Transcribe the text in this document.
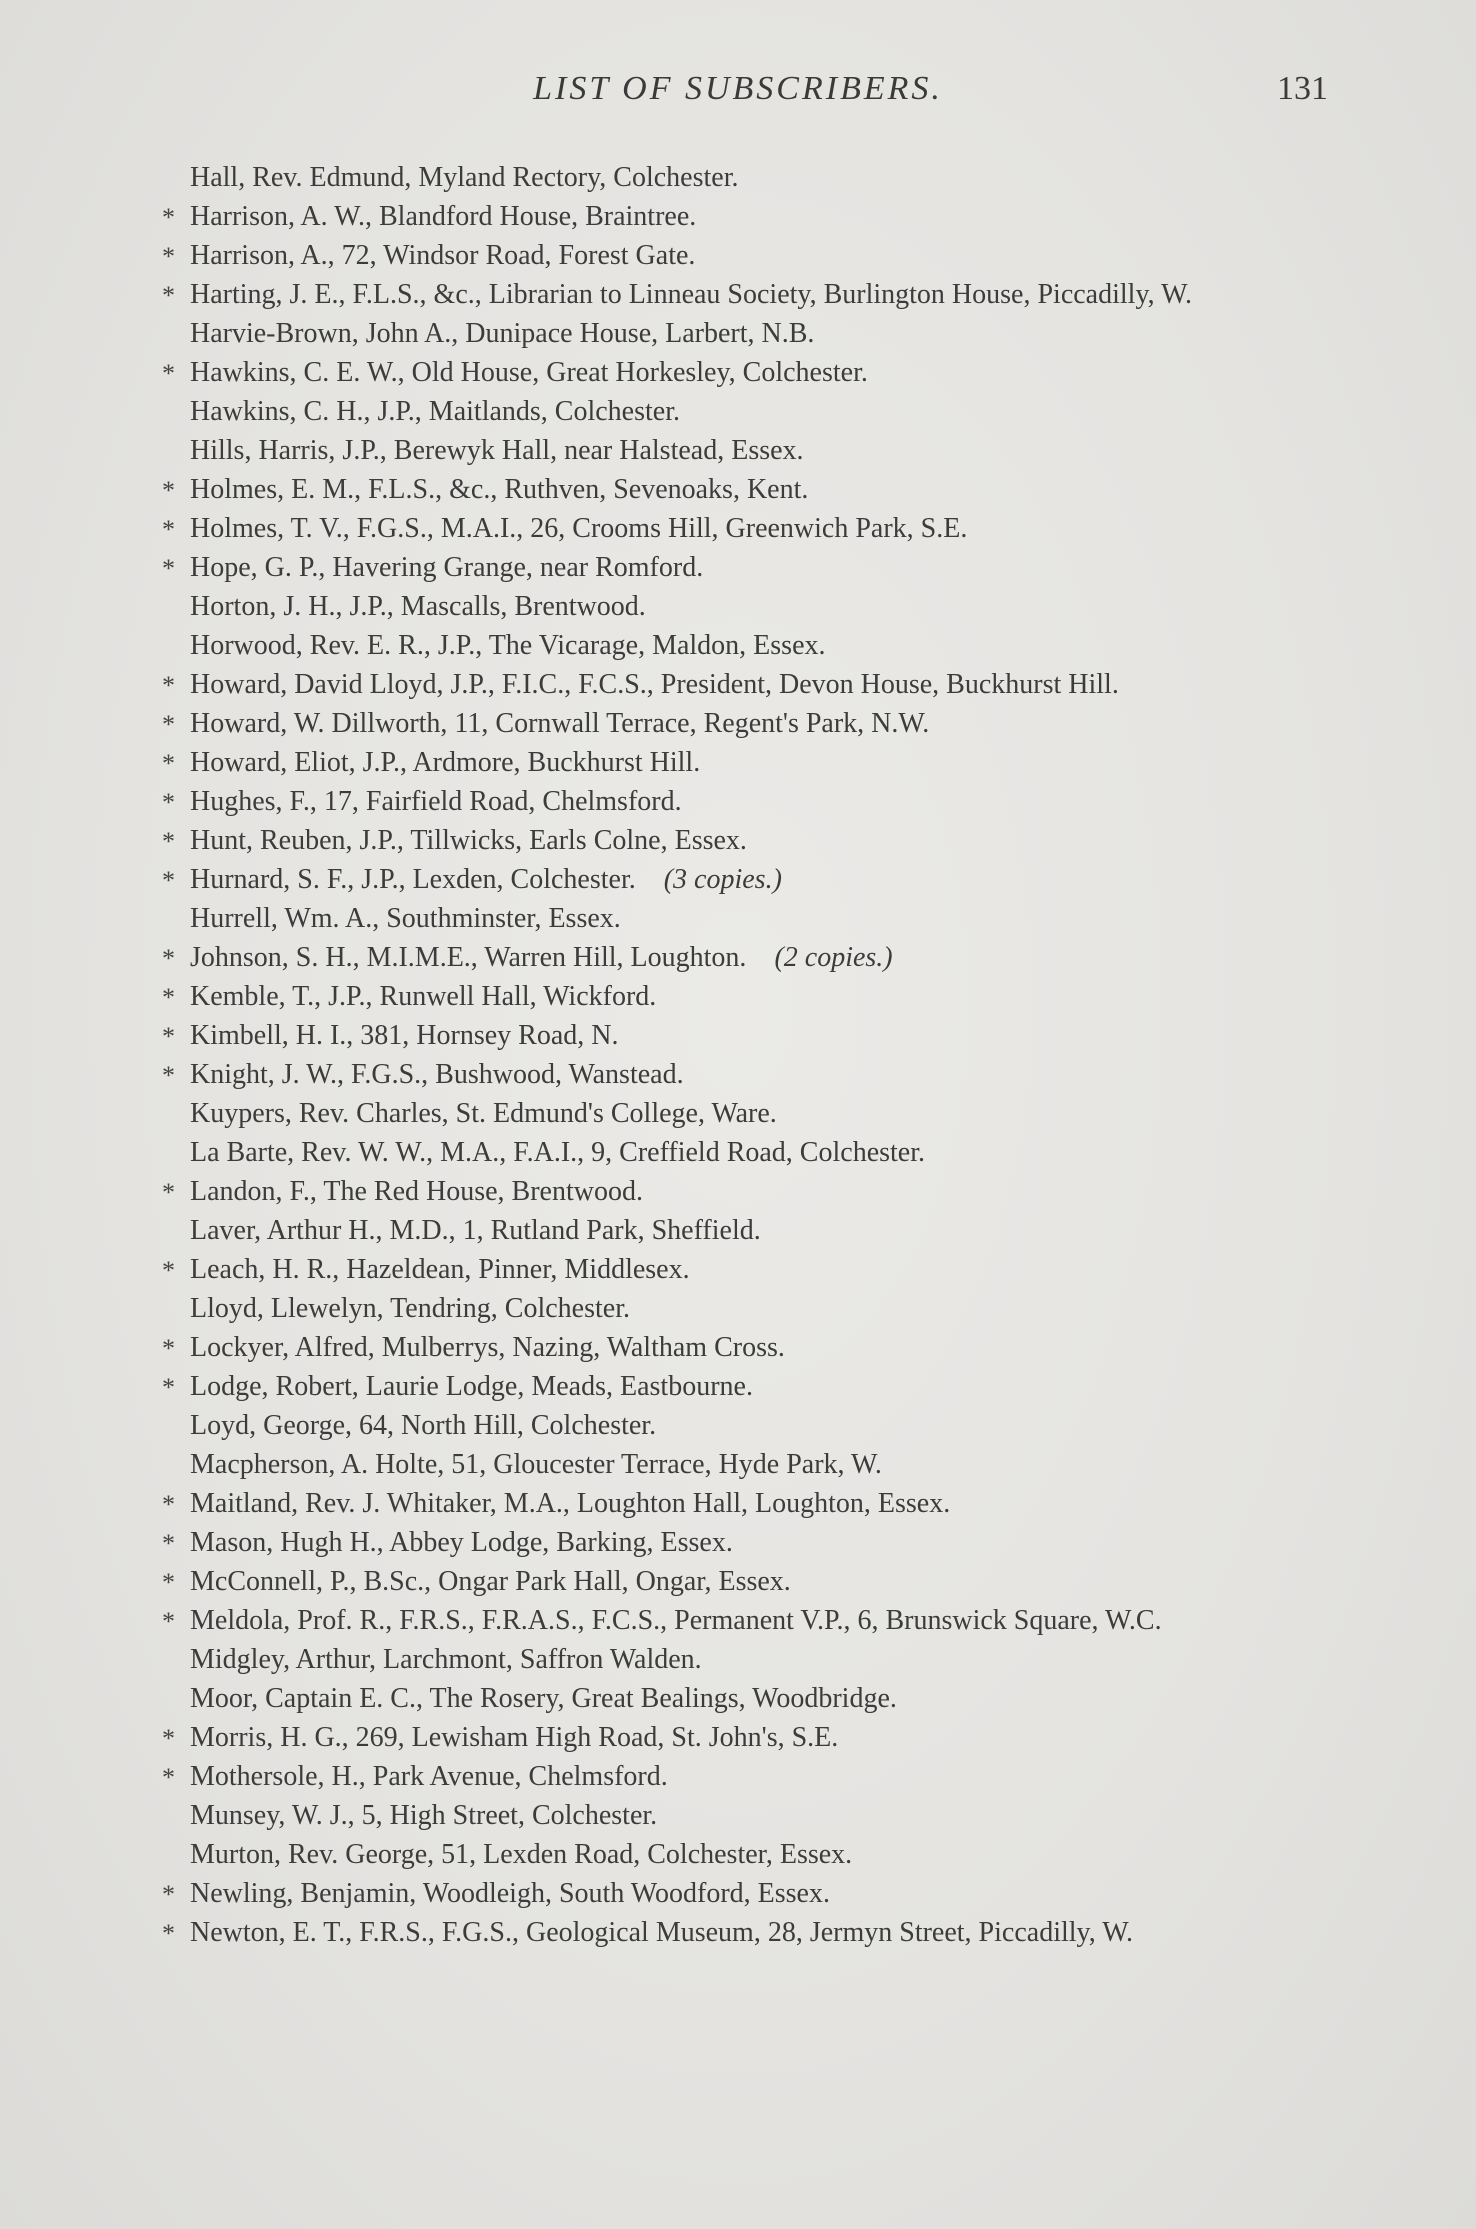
LIST OF SUBSCRIBERS.	131
Hall, Rev. Edmund, Myland Rectory, Colchester.
* Harrison, A. W., Blandford House, Braintree.
* Harrison, A., 72, Windsor Road, Forest Gate.
* Harting, J. E., F.L.S., &c., Librarian to Linneau Society, Burlington House, Piccadilly, W.
Harvie-Brown, John A., Dunipace House, Larbert, N.B.
* Hawkins, C. E. W., Old House, Great Horkesley, Colchester.
Hawkins, C. H., J.P., Maitlands, Colchester.
Hills, Harris, J.P., Berewyk Hall, near Halstead, Essex.
* Holmes, E. M., F.L.S., &c., Ruthven, Sevenoaks, Kent.
* Holmes, T. V., F.G.S., M.A.I., 26, Crooms Hill, Greenwich Park, S.E.
* Hope, G. P., Havering Grange, near Romford.
Horton, J. H., J.P., Mascalls, Brentwood.
Horwood, Rev. E. R., J.P., The Vicarage, Maldon, Essex.
* Howard, David Lloyd, J.P., F.I.C., F.C.S., President, Devon House, Buckhurst Hill.
* Howard, W. Dillworth, 11, Cornwall Terrace, Regent's Park, N.W.
* Howard, Eliot, J.P., Ardmore, Buckhurst Hill.
* Hughes, F., 17, Fairfield Road, Chelmsford.
* Hunt, Reuben, J.P., Tillwicks, Earls Colne, Essex.
* Hurnard, S. F., J.P., Lexden, Colchester. (3 copies.)
Hurrell, Wm. A., Southminster, Essex.
* Johnson, S. H., M.I.M.E., Warren Hill, Loughton. (2 copies.)
* Kemble, T., J.P., Runwell Hall, Wickford.
* Kimbell, H. I., 381, Hornsey Road, N.
* Knight, J. W., F.G.S., Bushwood, Wanstead.
Kuypers, Rev. Charles, St. Edmund's College, Ware.
La Barte, Rev. W. W., M.A., F.A.I., 9, Creffield Road, Colchester.
* Landon, F., The Red House, Brentwood.
Laver, Arthur H., M.D., 1, Rutland Park, Sheffield.
* Leach, H. R., Hazeldean, Pinner, Middlesex.
Lloyd, Llewelyn, Tendring, Colchester.
* Lockyer, Alfred, Mulberrys, Nazing, Waltham Cross.
* Lodge, Robert, Laurie Lodge, Meads, Eastbourne.
Loyd, George, 64, North Hill, Colchester.
Macpherson, A. Holte, 51, Gloucester Terrace, Hyde Park, W.
* Maitland, Rev. J. Whitaker, M.A., Loughton Hall, Loughton, Essex.
* Mason, Hugh H., Abbey Lodge, Barking, Essex.
* McConnell, P., B.Sc., Ongar Park Hall, Ongar, Essex.
* Meldola, Prof. R., F.R.S., F.R.A.S., F.C.S., Permanent V.P., 6, Brunswick Square, W.C.
Midgley, Arthur, Larchmont, Saffron Walden.
Moor, Captain E. C., The Rosery, Great Bealings, Woodbridge.
* Morris, H. G., 269, Lewisham High Road, St. John's, S.E.
* Mothersole, H., Park Avenue, Chelmsford.
Munsey, W. J., 5, High Street, Colchester.
Murton, Rev. George, 51, Lexden Road, Colchester, Essex.
* Newling, Benjamin, Woodleigh, South Woodford, Essex.
* Newton, E. T., F.R.S., F.G.S., Geological Museum, 28, Jermyn Street, Piccadilly, W.
